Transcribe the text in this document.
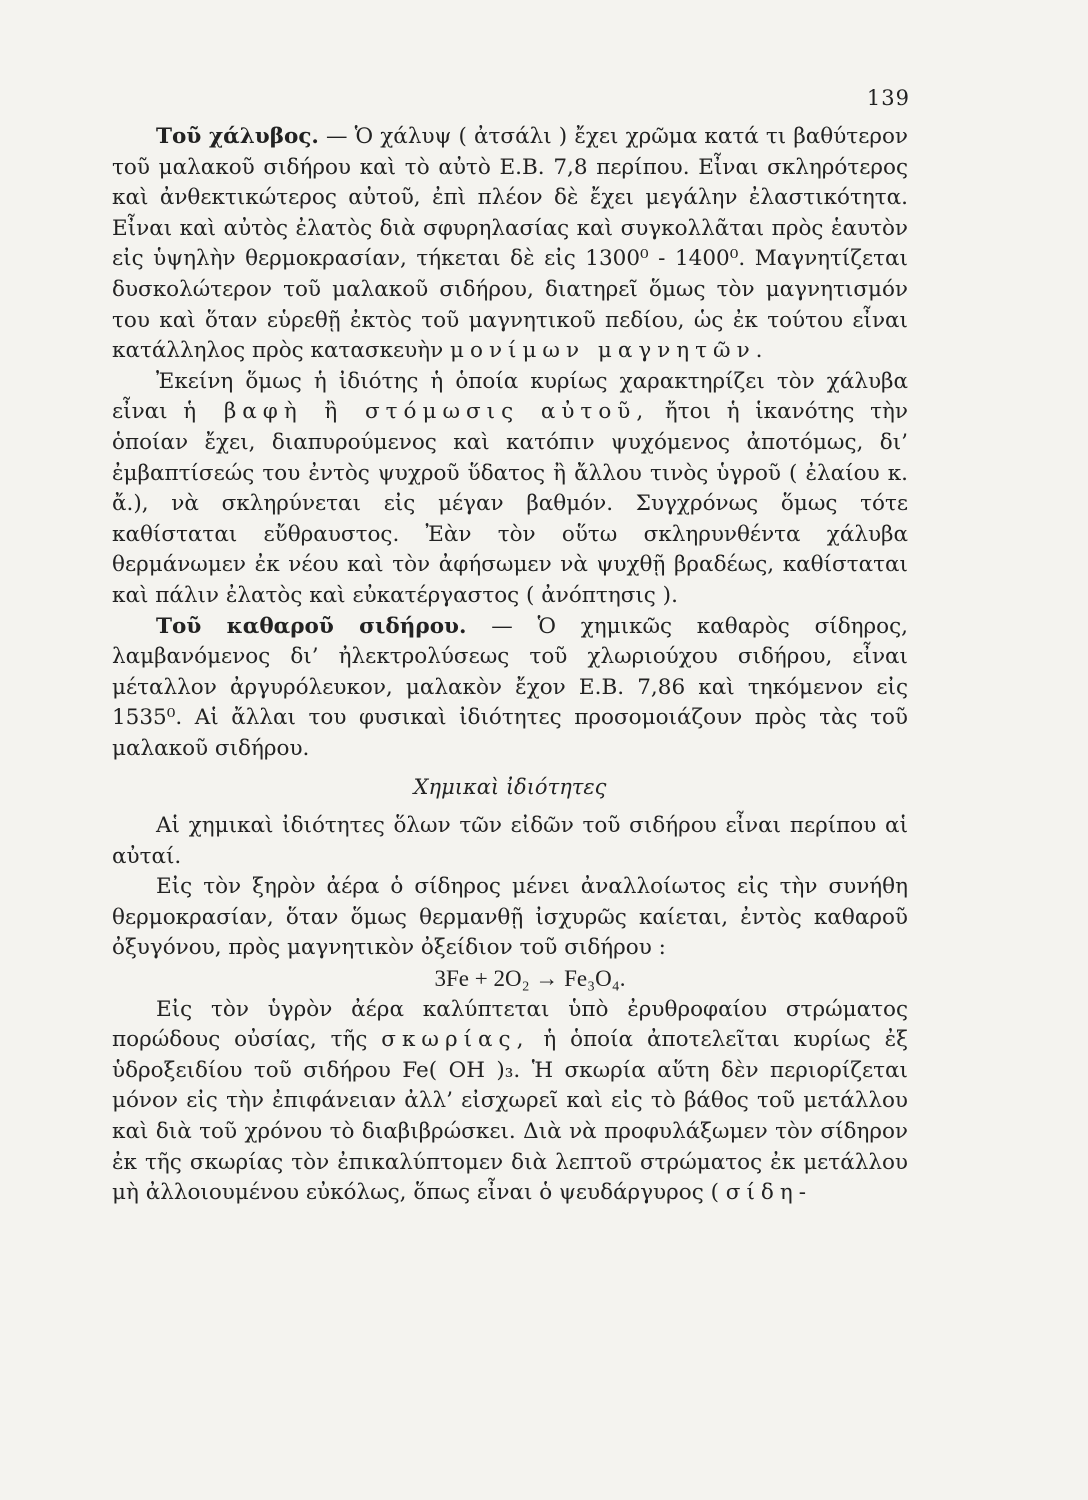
139

Τοῦ χάλυβος. — Ὁ χάλυψ ( ἀτσάλι ) ἔχει χρῶμα κατά τι βαθύτερον τοῦ μαλακοῦ σιδήρου καὶ τὸ αὐτὸ Ε.Β. 7,8 περίπου. Εἶναι σκληρότερος καὶ ἀνθεκτικώτερος αὐτοῦ, ἐπὶ πλέον δὲ ἔχει μεγάλην ἐλαστικότητα. Εἶναι καὶ αὐτὸς ἐλατὸς διὰ σφυρηλασίας καὶ συγκολλᾶται πρὸς ἑαυτὸν εἰς ὑψηλὴν θερμοκρασίαν, τήκεται δὲ εἰς 1300⁰ - 1400⁰. Μαγνητίζεται δυσκολώτερον τοῦ μαλακοῦ σιδήρου, διατηρεῖ ὅμως τὸν μαγνητισμόν του καὶ ὅταν εὑρεθῇ ἐκτὸς τοῦ μαγνητικοῦ πεδίου, ὡς ἐκ τούτου εἶναι κατάλληλος πρὸς κατασκευὴν μονίμων μαγνητῶν.

Ἐκείνη ὅμως ἡ ἰδιότης ἡ ὁποία κυρίως χαρακτηρίζει τὸν χάλυβα εἶναι ἡ βαφὴ ἢ στόμωσις αὐτοῦ, ἤτοι ἡ ἱκανότης τὴν ὁποίαν ἔχει, διαπυρούμενος καὶ κατόπιν ψυχόμενος ἀποτόμως, δι’ ἐμβαπτίσεώς του ἐντὸς ψυχροῦ ὕδατος ἢ ἄλλου τινὸς ὑγροῦ ( ἐλαίου κ. ἄ.), νὰ σκληρύνεται εἰς μέγαν βαθμόν. Συγχρόνως ὅμως τότε καθίσταται εὔθραυστος. Ἐὰν τὸν οὕτω σκληρυνθέντα χάλυβα θερμάνωμεν ἐκ νέου καὶ τὸν ἀφήσωμεν νὰ ψυχθῇ βραδέως, καθίσταται καὶ πάλιν ἐλατὸς καὶ εὐκατέργαστος ( ἀνόπτησις ).

Τοῦ καθαροῦ σιδήρου. — Ὁ χημικῶς καθαρὸς σίδηρος, λαμβανόμενος δι’ ἠλεκτρολύσεως τοῦ χλωριούχου σιδήρου, εἶναι μέταλλον ἀργυρόλευκον, μαλακὸν ἔχον Ε.Β. 7,86 καὶ τηκόμενον εἰς 1535⁰. Αἱ ἄλλαι του φυσικαὶ ἰδιότητες προσομοιάζουν πρὸς τὰς τοῦ μαλακοῦ σιδήρου.

Χημικαὶ ἰδιότητες

Αἱ χημικαὶ ἰδιότητες ὅλων τῶν εἰδῶν τοῦ σιδήρου εἶναι περίπου αἱ αὐταί.

Εἰς τὸν ξηρὸν ἀέρα ὁ σίδηρος μένει ἀναλλοίωτος εἰς τὴν συνήθη θερμοκρασίαν, ὅταν ὅμως θερμανθῇ ἰσχυρῶς καίεται, ἐντὸς καθαροῦ ὀξυγόνου, πρὸς μαγνητικὸν ὀξείδιον τοῦ σιδήρου :

3Fe + 2O₂ → Fe₃O₄.

Εἰς τὸν ὑγρὸν ἀέρα καλύπτεται ὑπὸ ἐρυθροφαίου στρώματος πορώδους οὐσίας, τῆς σκωρίας, ἡ ὁποία ἀποτελεῖται κυρίως ἐξ ὑδροξειδίου τοῦ σιδήρου Fe( OH )₃. Ἡ σκωρία αὕτη δὲν περιορίζεται μόνον εἰς τὴν ἐπιφάνειαν ἀλλ’ εἰσχωρεῖ καὶ εἰς τὸ βάθος τοῦ μετάλλου καὶ διὰ τοῦ χρόνου τὸ διαβιβρώσκει. Διὰ νὰ προφυλάξωμεν τὸν σίδηρον ἐκ τῆς σκωρίας τὸν ἐπικαλύπτομεν διὰ λεπτοῦ στρώματος ἐκ μετάλλου μὴ ἀλλοιουμένου εὐκόλως, ὅπως εἶναι ὁ ψευδάργυρος ( σίδη-
